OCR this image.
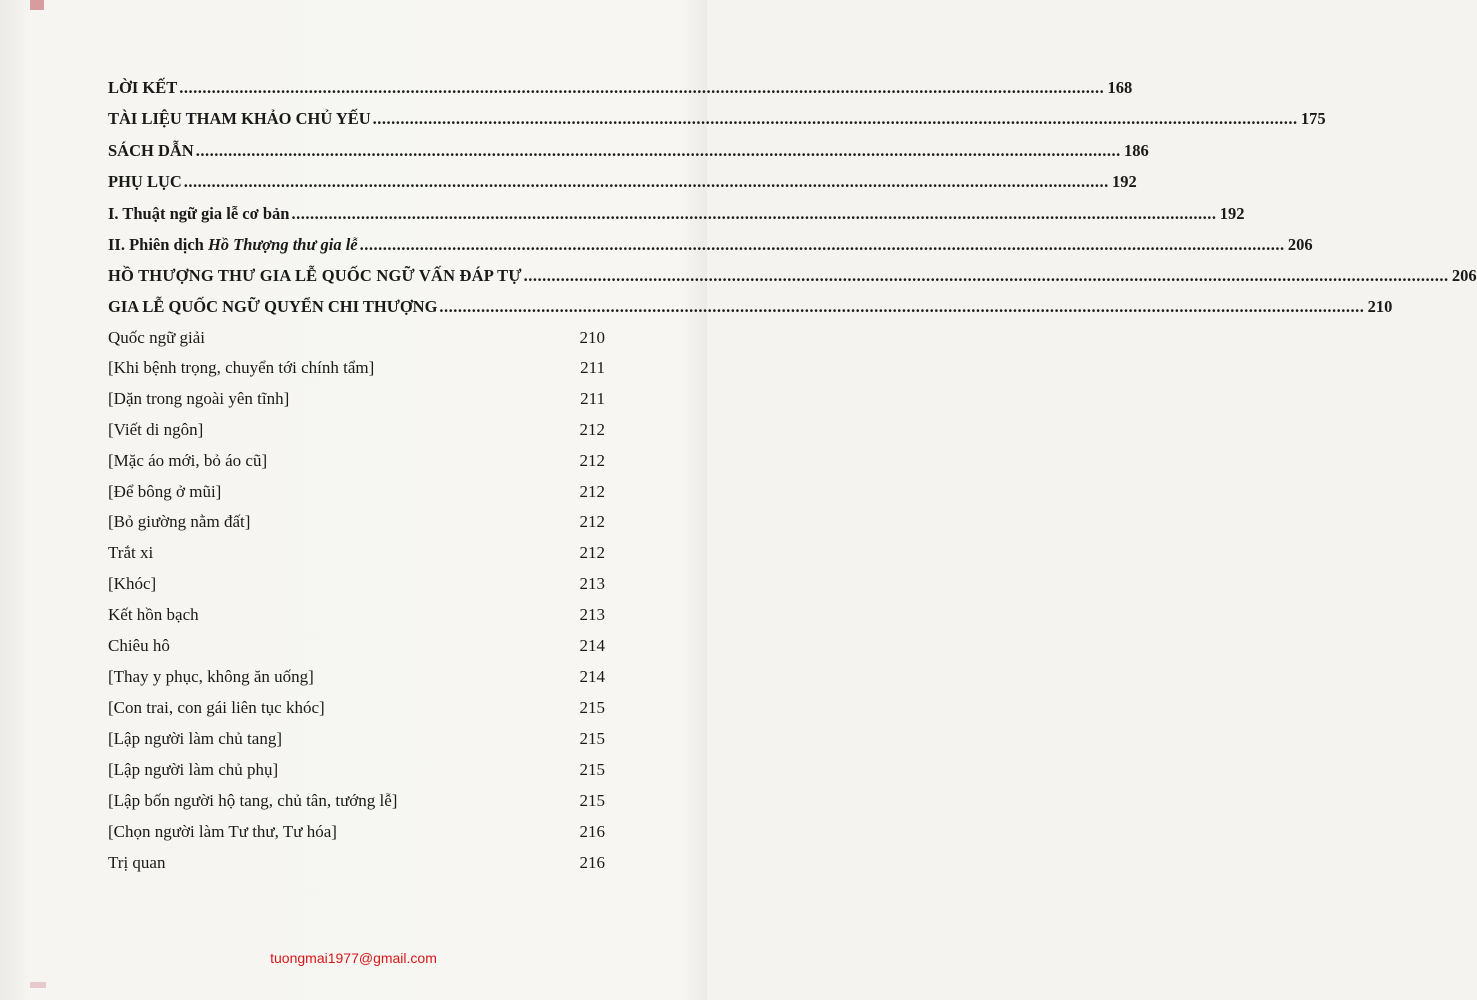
LỜI KẾT ........................................................................................................................................................................................................ 168
TÀI LIỆU THAM KHẢO CHỦ YẾU ........................................................................................................................................................................................................ 175
SÁCH DẪN ........................................................................................................................................................................................................ 186
PHỤ LỤC ........................................................................................................................................................................................................ 192
I. Thuật ngữ gia lễ cơ bản ........................................................................................................................................................................................................ 192
II. Phiên dịch Hồ Thượng thư gia lễ ........................................................................................................................................................................................................ 206
HỒ THƯỢNG THƯ GIA LỄ QUỐC NGỮ VẤN ĐÁP TỰ ........................................................................................................................................................................................................ 206
GIA LỄ QUỐC NGỮ QUYỂN CHI THƯỢNG ........................................................................................................................................................................................................ 210
Quốc ngữ giải	210
[Khi bệnh trọng, chuyển tới chính tẩm]	211
[Dặn trong ngoài yên tĩnh]	211
[Viết di ngôn]	212
[Mặc áo mới, bỏ áo cũ]	212
[Để bông ở mũi]	212
[Bỏ giường nằm đất]	212
Trắt xi	212
[Khóc]	213
Kết hồn bạch	213
Chiêu hô	214
[Thay y phục, không ăn uống]	214
[Con trai, con gái liên tục khóc]	215
[Lập người làm chủ tang]	215
[Lập người làm chủ phụ]	215
[Lập bốn người hộ tang, chủ tân, tướng lễ]	215
[Chọn người làm Tư thư, Tư hóa]	216
Trị quan	216
tuongmai1977@gmail.com
